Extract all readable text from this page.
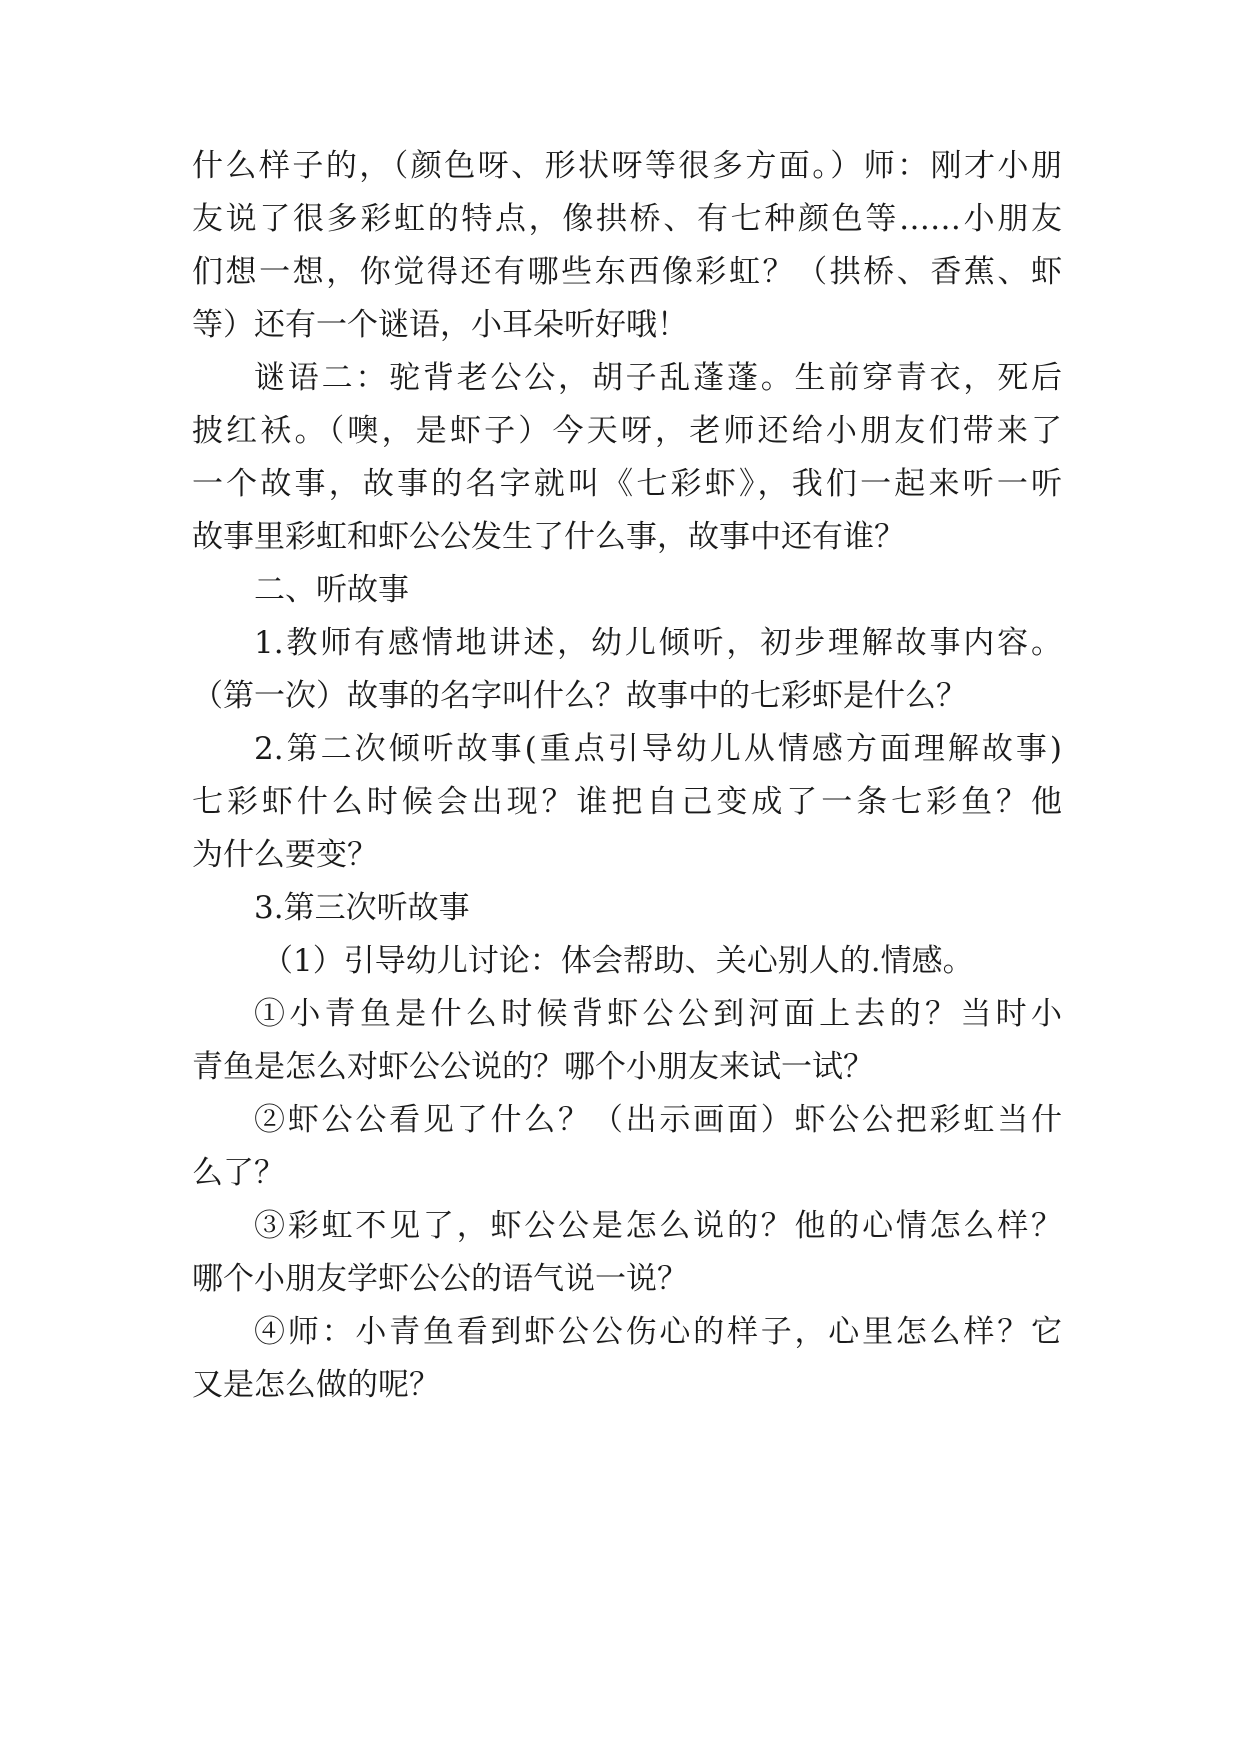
什么样子的，（颜色呀、形状呀等很多方面。）师：刚才小朋
友说了很多彩虹的特点，像拱桥、有七种颜色等……小朋友
们想一想，你觉得还有哪些东西像彩虹？（拱桥、香蕉、虾
等）还有一个谜语，小耳朵听好哦！
谜语二：驼背老公公，胡子乱蓬蓬。生前穿青衣，死后
披红袄。（噢，是虾子）今天呀，老师还给小朋友们带来了
一个故事，故事的名字就叫《七彩虾》，我们一起来听一听
故事里彩虹和虾公公发生了什么事，故事中还有谁？
二、听故事
1.教师有感情地讲述，幼儿倾听，初步理解故事内容。
（第一次）故事的名字叫什么？故事中的七彩虾是什么？
2.第二次倾听故事(重点引导幼儿从情感方面理解故事)
七彩虾什么时候会出现？谁把自己变成了一条七彩鱼？他
为什么要变？
3.第三次听故事
（1）引导幼儿讨论：体会帮助、关心别人的.情感。
①小青鱼是什么时候背虾公公到河面上去的？当时小
青鱼是怎么对虾公公说的？哪个小朋友来试一试？
②虾公公看见了什么？（出示画面）虾公公把彩虹当什
么了？
③彩虹不见了，虾公公是怎么说的？他的心情怎么样？
哪个小朋友学虾公公的语气说一说？
④师：小青鱼看到虾公公伤心的样子，心里怎么样？它
又是怎么做的呢？
